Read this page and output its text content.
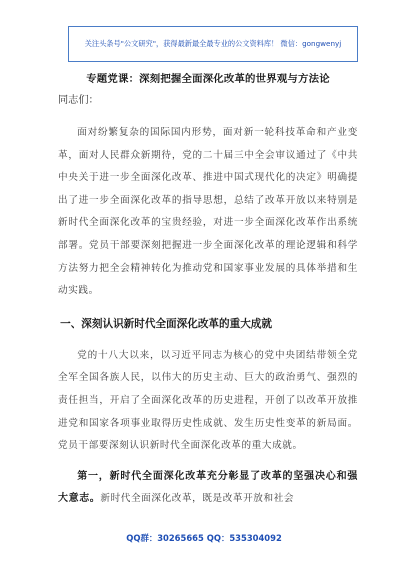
关注头条号"公文研究"，获得最新最全最专业的公文资料库！ 微信：gongwenyj
专题党课：深刻把握全面深化改革的世界观与方法论
同志们：

面对纷繁复杂的国际国内形势，面对新一轮科技革命和产业变革，面对人民群众新期待，党的二十届三中全会审议通过了《中共中央关于进一步全面深化改革、推进中国式现代化的决定》明确提出了进一步全面深化改革的指导思想，总结了改革开放以来特别是新时代全面深化改革的宝贵经验，对进一步全面深化改革作出系统部署。党员干部要深刻把握进一步全面深化改革的理论逻辑和科学方法努力把全会精神转化为推动党和国家事业发展的具体举措和生动实践。

一、深刻认识新时代全面深化改革的重大成就

党的十八大以来，以习近平同志为核心的党中央团结带领全党全军全国各族人民，以伟大的历史主动、巨大的政治勇气、强烈的责任担当，开启了全面深化改革的历史进程，开创了以改革开放推进党和国家各项事业取得历史性成就、发生历史性变革的新局面。党员干部要深刻认识新时代全面深化改革的重大成就。

第一，新时代全面深化改革充分彰显了改革的坚强决心和强大意志。新时代全面深化改革，既是改革开放和社会

QQ群：30265665 QQ：535304092
